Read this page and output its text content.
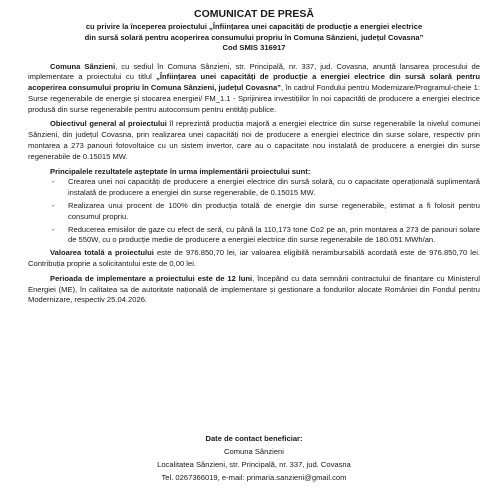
COMUNICAT DE PRESĂ
cu privire la începerea proiectului „Înființarea unei capacități de producție a energiei electrice
din sursă solară pentru acoperirea consumului propriu în Comuna Sânzieni, județul Covasna”
Cod SMIS 316917

Comuna Sânzieni, cu sediul în Comuna Sânzieni, str. Principală, nr. 337, jud. Covasna, anunță lansarea procesului de implementare a proiectului cu titlul „Înființarea unei capacități de producție a energiei electrice din sursă solară pentru acoperirea consumului propriu în Comuna Sânzieni, județul Covasna”, în cadrul Fondului pentru Modernizare/Programul-cheie 1: Surse regenerabile de energie și stocarea energiei/ FM_1.1 - Sprijinirea investițiilor în noi capacități de producere a energiei electrice produsă din surse regenerabile pentru autoconsum pentru entități publice.

Obiectivul general al proiectului îl reprezintă producția majoră a energiei electrice din surse regenerabile la nivelul comunei Sânzieni, din județul Covasna, prin realizarea unei capacități noi de producere a energiei electrice din surse solare, respectiv prin montarea a 273 panouri fotovoltaice cu un sistem invertor, care au o capacitate nou instalată de producere a energiei din surse regenerabile de 0.15015 MW.

Principalele rezultatele așteptate în urma implementării proiectului sunt:

- Crearea unei noi capacități de producere a energiei electrice din sursă solară, cu o capacitate operațională suplimentară instalată de producere a energiei din surse regenerabile, de 0.15015 MW.
- Realizarea unui procent de 100% din producția totală de energie din surse regenerabile, estimat a fi folosit pentru consumul propriu.
- Reducerea emisiilor de gaze cu efect de seră, cu până la 110,173 tone Co2 pe an, prin montarea a 273 de panouri solare de 550W, cu o producție medie de producere a energiei electrice din surse regenerabile de 180.051 MWh/an.

Valoarea totală a proiectului este de 976.850,70 lei, iar valoarea eligibilă nerambursabilă acordată este de 976.850,70 lei. Contribuția proprie a solicitantului este de 0,00 lei.

Perioada de implementare a proiectului este de 12 luni, începând cu data semnării contractului de finanțare cu Ministerul Energiei (ME), în calitatea sa de autoritate națională de implementare și gestionare a fondurilor alocate României din Fondul pentru Modernizare, respectiv 25.04.2026.

Date de contact beneficiar:
Comuna Sânzieni
Localitatea Sânzieni, str. Principală, nr. 337, jud. Covasna
Tel. 0267366019, e-mail: primaria.sanzieni@gmail.com
